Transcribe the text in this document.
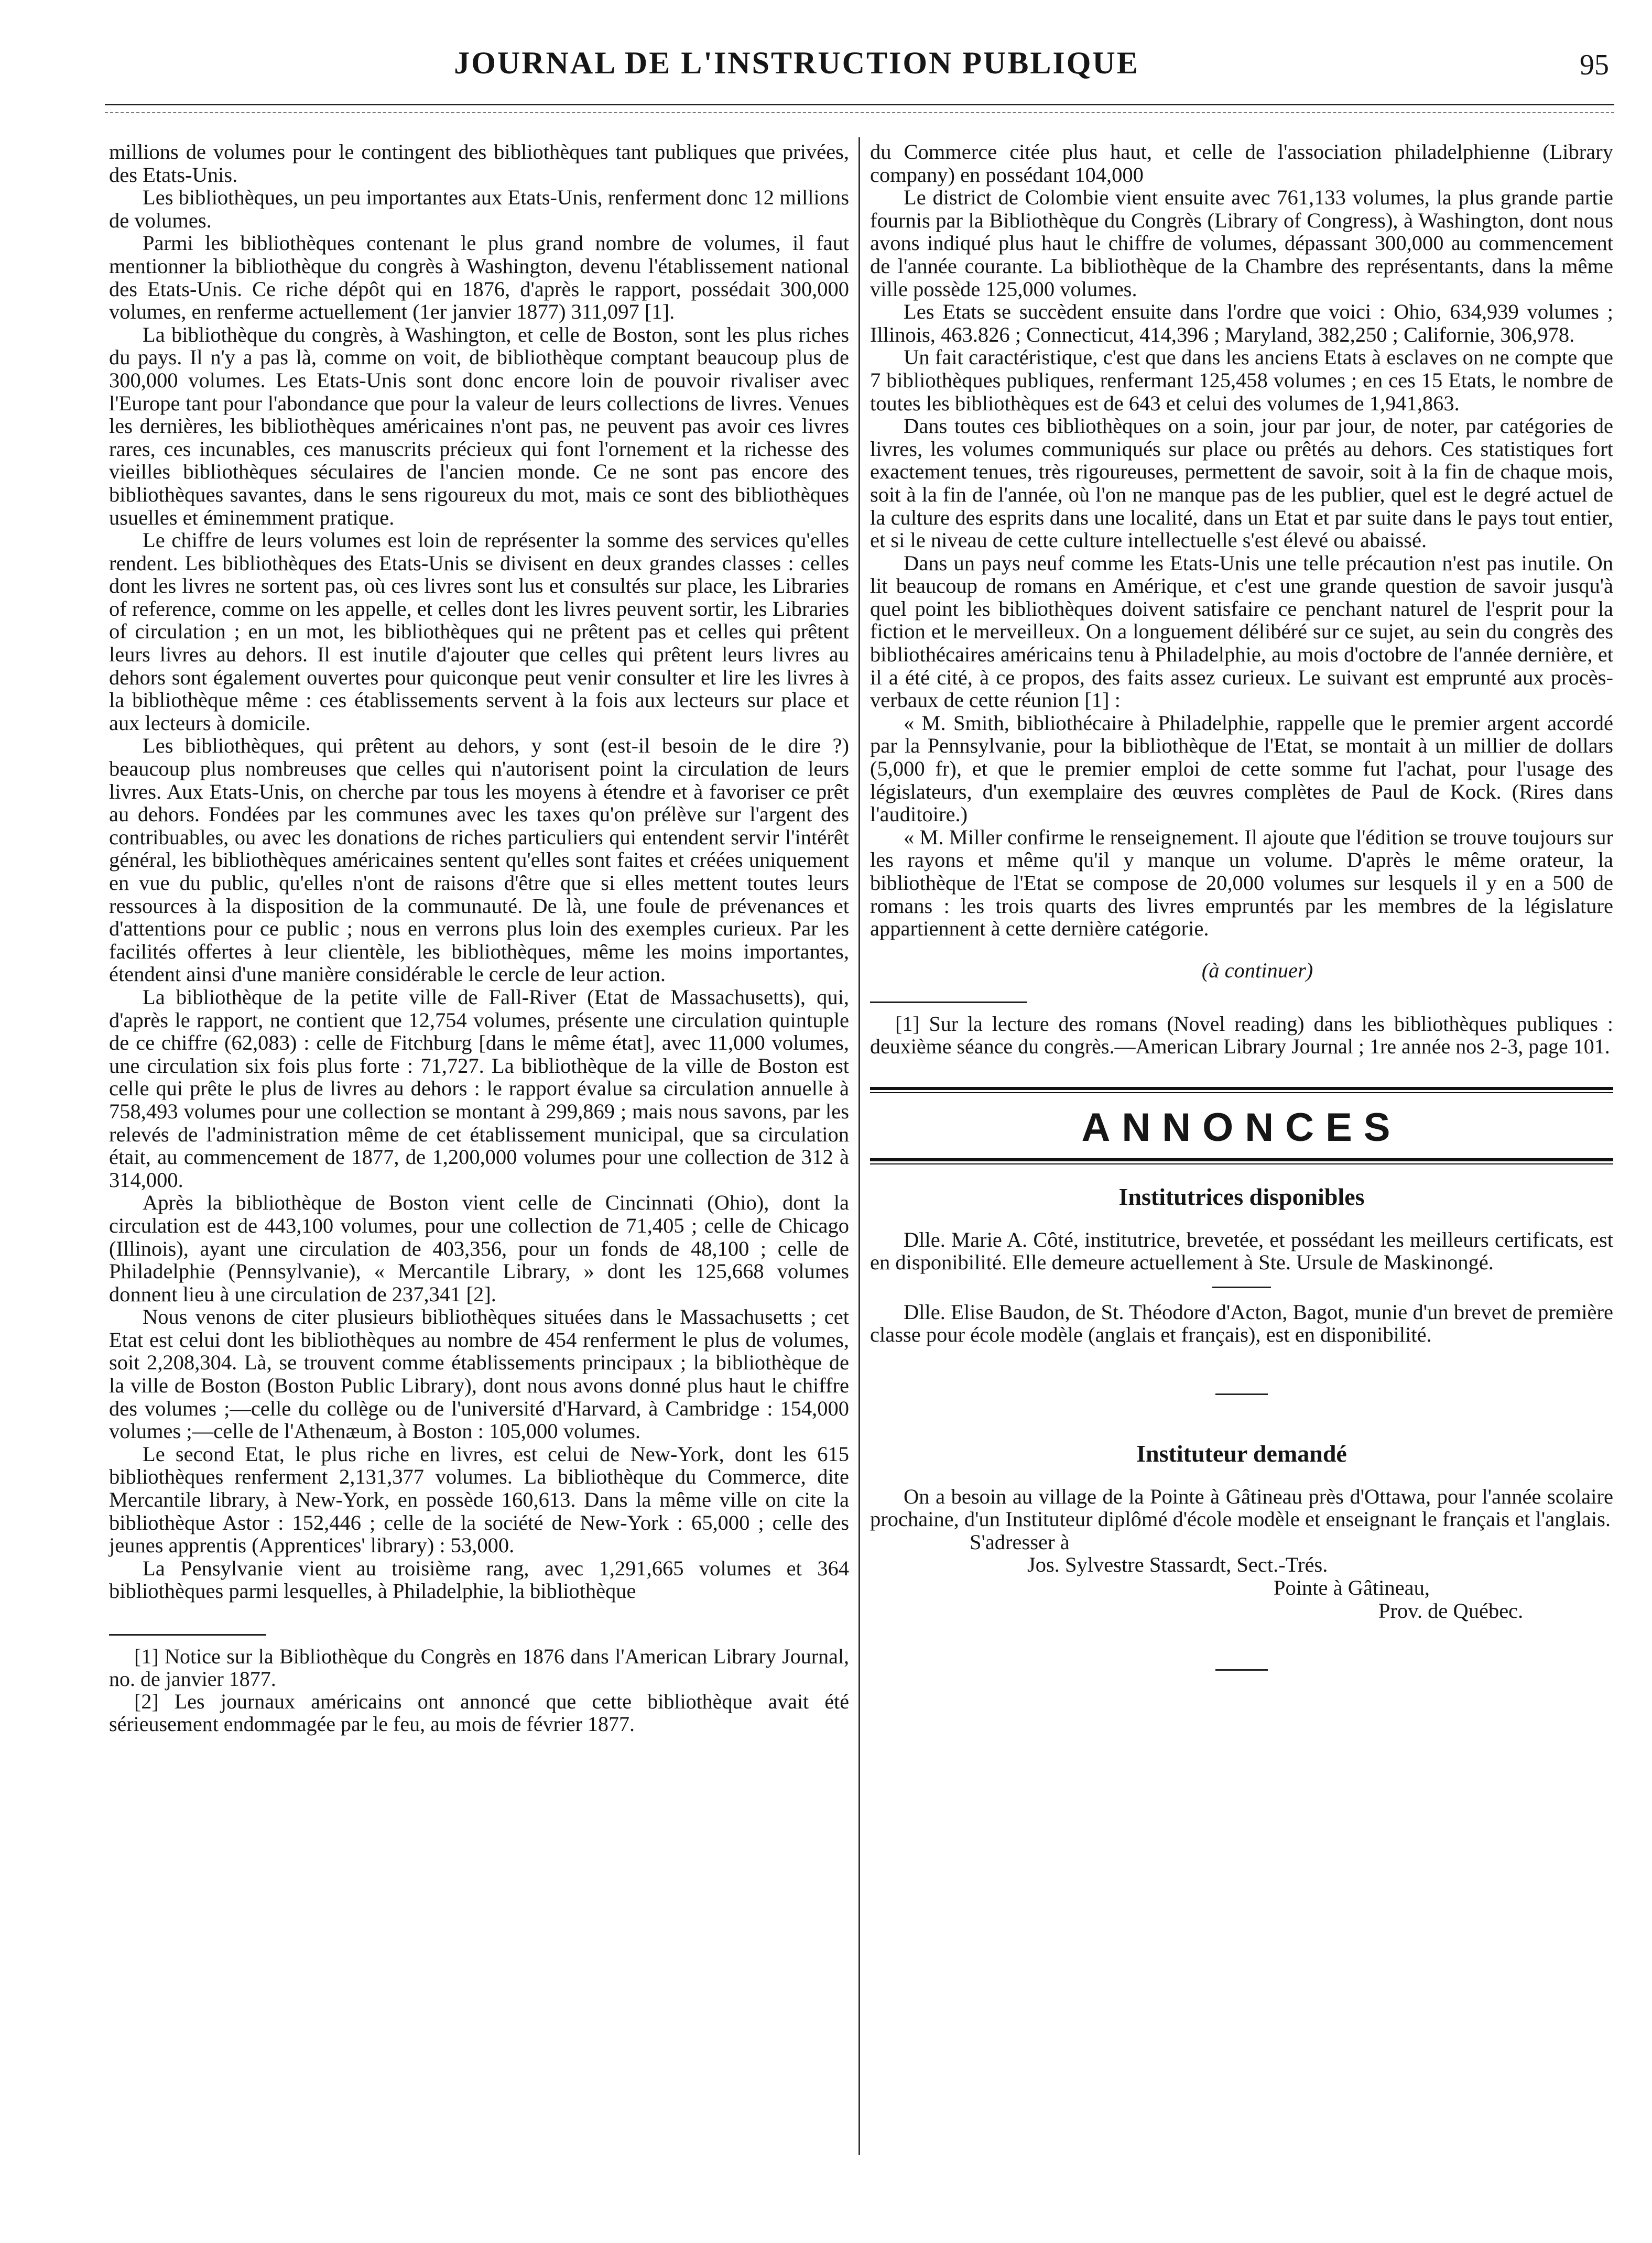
JOURNAL DE L'INSTRUCTION PUBLIQUE	95

millions de volumes pour le contingent des bibliothèques tant publiques que privées, des Etats-Unis.

Les bibliothèques, un peu importantes aux Etats-Unis, renferment donc 12 millions de volumes.

Parmi les bibliothèques contenant le plus grand nombre de volumes, il faut mentionner la bibliothèque du congrès à Washington, devenu l'établissement national des Etats-Unis. Ce riche dépôt qui en 1876, d'après le rapport, possédait 300,000 volumes, en renferme actuellement (1er janvier 1877) 311,097 [1].

La bibliothèque du congrès, à Washington, et celle de Boston, sont les plus riches du pays. Il n'y a pas là, comme on voit, de bibliothèque comptant beaucoup plus de 300,000 volumes. Les Etats-Unis sont donc encore loin de pouvoir rivaliser avec l'Europe tant pour l'abondance que pour la valeur de leurs collections de livres. Venues les dernières, les bibliothèques américaines n'ont pas, ne peuvent pas avoir ces livres rares, ces incunables, ces manuscrits précieux qui font l'ornement et la richesse des vieilles bibliothèques séculaires de l'ancien monde. Ce ne sont pas encore des bibliothèques savantes, dans le sens rigoureux du mot, mais ce sont des bibliothèques usuelles et éminemment pratique.

Le chiffre de leurs volumes est loin de représenter la somme des services qu'elles rendent. Les bibliothèques des Etats-Unis se divisent en deux grandes classes : celles dont les livres ne sortent pas, où ces livres sont lus et consultés sur place, les Libraries of reference, comme on les appelle, et celles dont les livres peuvent sortir, les Libraries of circulation ; en un mot, les bibliothèques qui ne prêtent pas et celles qui prêtent leurs livres au dehors. Il est inutile d'ajouter que celles qui prêtent leurs livres au dehors sont également ouvertes pour quiconque peut venir consulter et lire les livres à la bibliothèque même : ces établissements servent à la fois aux lecteurs sur place et aux lecteurs à domicile.

Les bibliothèques, qui prêtent au dehors, y sont (est-il besoin de le dire ?) beaucoup plus nombreuses que celles qui n'autorisent point la circulation de leurs livres. Aux Etats-Unis, on cherche par tous les moyens à étendre et à favoriser ce prêt au dehors. Fondées par les communes avec les taxes qu'on prélève sur l'argent des contribuables, ou avec les donations de riches particuliers qui entendent servir l'intérêt général, les bibliothèques américaines sentent qu'elles sont faites et créées uniquement en vue du public, qu'elles n'ont de raisons d'être que si elles mettent toutes leurs ressources à la disposition de la communauté. De là, une foule de prévenances et d'attentions pour ce public ; nous en verrons plus loin des exemples curieux. Par les facilités offertes à leur clientèle, les bibliothèques, même les moins importantes, étendent ainsi d'une manière considérable le cercle de leur action.

La bibliothèque de la petite ville de Fall-River (Etat de Massachusetts), qui, d'après le rapport, ne contient que 12,754 volumes, présente une circulation quintuple de ce chiffre (62,083) : celle de Fitchburg [dans le même état], avec 11,000 volumes, une circulation six fois plus forte : 71,727. La bibliothèque de la ville de Boston est celle qui prête le plus de livres au dehors : le rapport évalue sa circulation annuelle à 758,493 volumes pour une collection se montant à 299,869 ; mais nous savons, par les relevés de l'administration même de cet établissement municipal, que sa circulation était, au commencement de 1877, de 1,200,000 volumes pour une collection de 312 à 314,000.

Après la bibliothèque de Boston vient celle de Cincinnati (Ohio), dont la circulation est de 443,100 volumes, pour une collection de 71,405 ; celle de Chicago (Illinois), ayant une circulation de 403,356, pour un fonds de 48,100 ; celle de Philadelphie (Pennsylvanie), « Mercantile Library, » dont les 125,668 volumes donnent lieu à une circulation de 237,341 [2].

Nous venons de citer plusieurs bibliothèques situées dans le Massachusetts ; cet Etat est celui dont les bibliothèques au nombre de 454 renferment le plus de volumes, soit 2,208,304. Là, se trouvent comme établissements principaux ; la bibliothèque de la ville de Boston (Boston Public Library), dont nous avons donné plus haut le chiffre des volumes ;—celle du collège ou de l'université d'Harvard, à Cambridge : 154,000 volumes ;—celle de l'Athenæum, à Boston : 105,000 volumes.

Le second Etat, le plus riche en livres, est celui de New-York, dont les 615 bibliothèques renferment 2,131,377 volumes. La bibliothèque du Commerce, dite Mercantile library, à New-York, en possède 160,613. Dans la même ville on cite la bibliothèque Astor : 152,446 ; celle de la société de New-York : 65,000 ; celle des jeunes apprentis (Apprentices' library) : 53,000.

La Pensylvanie vient au troisième rang, avec 1,291,665 volumes et 364 bibliothèques parmi lesquelles, à Philadelphie, la bibliothèque

[1] Notice sur la Bibliothèque du Congrès en 1876 dans l'American Library Journal, no. de janvier 1877.

[2] Les journaux américains ont annoncé que cette bibliothèque avait été sérieusement endommagée par le feu, au mois de février 1877.

du Commerce citée plus haut, et celle de l'association philadelphienne (Library company) en possédant 104,000

Le district de Colombie vient ensuite avec 761,133 volumes, la plus grande partie fournis par la Bibliothèque du Congrès (Library of Congress), à Washington, dont nous avons indiqué plus haut le chiffre de volumes, dépassant 300,000 au commencement de l'année courante. La bibliothèque de la Chambre des représentants, dans la même ville possède 125,000 volumes.

Les Etats se succèdent ensuite dans l'ordre que voici : Ohio, 634,939 volumes ; Illinois, 463.826 ; Connecticut, 414,396 ; Maryland, 382,250 ; Californie, 306,978.

Un fait caractéristique, c'est que dans les anciens Etats à esclaves on ne compte que 7 bibliothèques publiques, renfermant 125,458 volumes ; en ces 15 Etats, le nombre de toutes les bibliothèques est de 643 et celui des volumes de 1,941,863.

Dans toutes ces bibliothèques on a soin, jour par jour, de noter, par catégories de livres, les volumes communiqués sur place ou prêtés au dehors. Ces statistiques fort exactement tenues, très rigoureuses, permettent de savoir, soit à la fin de chaque mois, soit à la fin de l'année, où l'on ne manque pas de les publier, quel est le degré actuel de la culture des esprits dans une localité, dans un Etat et par suite dans le pays tout entier, et si le niveau de cette culture intellectuelle s'est élevé ou abaissé.

Dans un pays neuf comme les Etats-Unis une telle précaution n'est pas inutile. On lit beaucoup de romans en Amérique, et c'est une grande question de savoir jusqu'à quel point les bibliothèques doivent satisfaire ce penchant naturel de l'esprit pour la fiction et le merveilleux. On a longuement délibéré sur ce sujet, au sein du congrès des bibliothécaires américains tenu à Philadelphie, au mois d'octobre de l'année dernière, et il a été cité, à ce propos, des faits assez curieux. Le suivant est emprunté aux procès-verbaux de cette réunion [1] :

« M. Smith, bibliothécaire à Philadelphie, rappelle que le premier argent accordé par la Pennsylvanie, pour la bibliothèque de l'Etat, se montait à un millier de dollars (5,000 fr), et que le premier emploi de cette somme fut l'achat, pour l'usage des législateurs, d'un exemplaire des œuvres complètes de Paul de Kock. (Rires dans l'auditoire.)

« M. Miller confirme le renseignement. Il ajoute que l'édition se trouve toujours sur les rayons et même qu'il y manque un volume. D'après le même orateur, la bibliothèque de l'Etat se compose de 20,000 volumes sur lesquels il y en a 500 de romans : les trois quarts des livres empruntés par les membres de la législature appartiennent à cette dernière catégorie.

(à continuer)

[1] Sur la lecture des romans (Novel reading) dans les bibliothèques publiques : deuxième séance du congrès.—American Library Journal ; 1re année nos 2-3, page 101.

ANNONCES
Institutrices disponibles

Dlle. Marie A. Côté, institutrice, brevetée, et possédant les meilleurs certificats, est en disponibilité. Elle demeure actuellement à Ste. Ursule de Maskinongé.

Dlle. Elise Baudon, de St. Théodore d'Acton, Bagot, munie d'un brevet de première classe pour école modèle (anglais et français), est en disponibilité.

Instituteur demandé

On a besoin au village de la Pointe à Gâtineau près d'Ottawa, pour l'année scolaire prochaine, d'un Instituteur diplômé d'école modèle et enseignant le français et l'anglais.

S'adresser à

Jos. Sylvestre Stassardt, Sect.-Trés.

Pointe à Gâtineau,

Prov. de Québec.
